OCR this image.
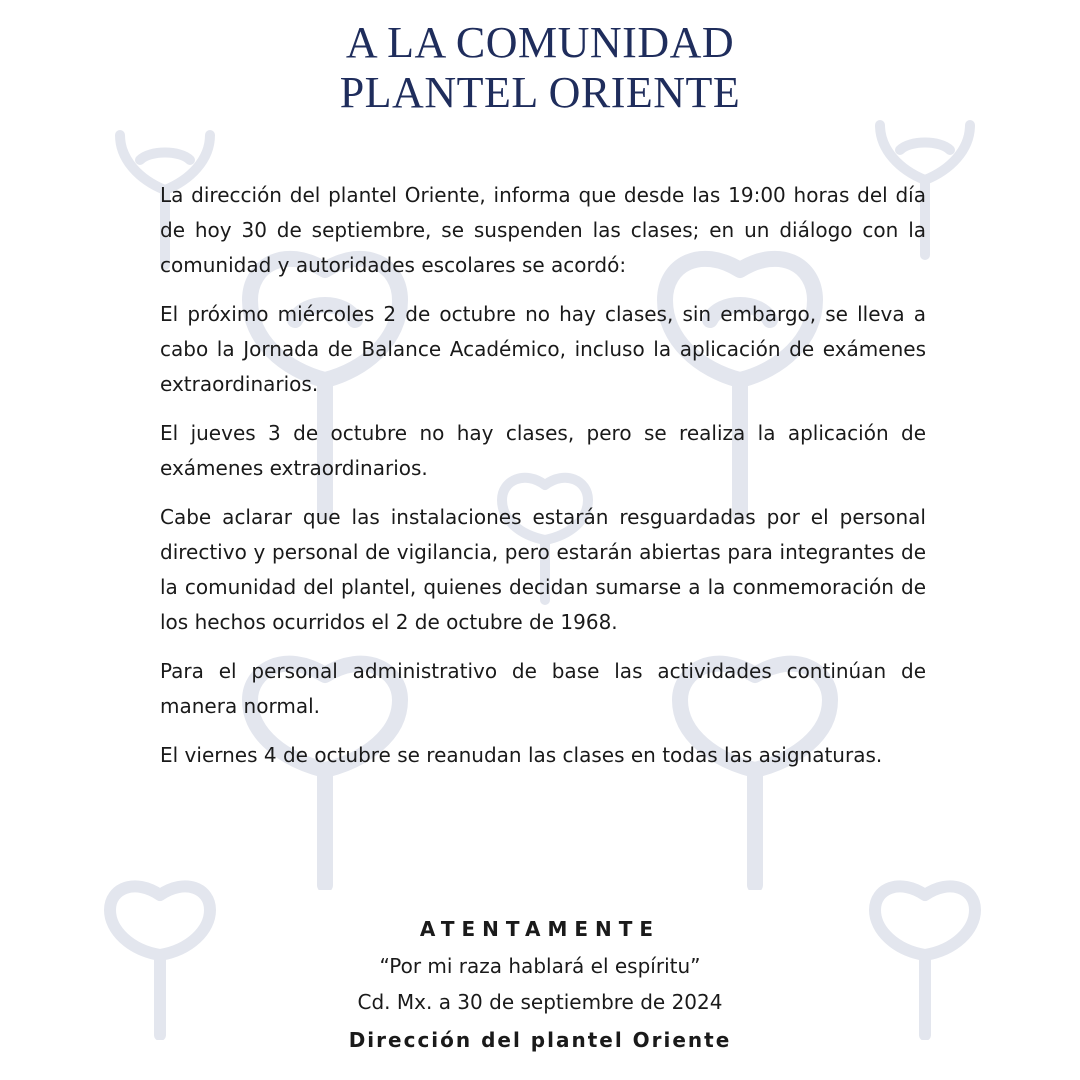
A LA COMUNIDAD
PLANTEL ORIENTE

La dirección del plantel Oriente, informa que desde las 19:00 horas del día de hoy 30 de septiembre, se suspenden las clases; en un diálogo con la comunidad y autoridades escolares se acordó:

El próximo miércoles 2 de octubre no hay clases, sin embargo, se lleva a cabo la Jornada de Balance Académico, incluso la aplicación de exámenes extraordinarios.

El jueves 3 de octubre no hay clases, pero se realiza la aplicación de exámenes extraordinarios.

Cabe aclarar que las instalaciones estarán resguardadas por el personal directivo y personal de vigilancia, pero estarán abiertas para integrantes de la comunidad del plantel, quienes decidan sumarse a la conmemoración de los hechos ocurridos el 2 de octubre de 1968.

Para el personal administrativo de base las actividades continúan de manera normal.

El viernes 4 de octubre se reanudan las clases en todas las asignaturas.

ATENTAMENTE
“Por mi raza hablará el espíritu”
Cd. Mx. a 30 de septiembre de 2024
Dirección del plantel Oriente
